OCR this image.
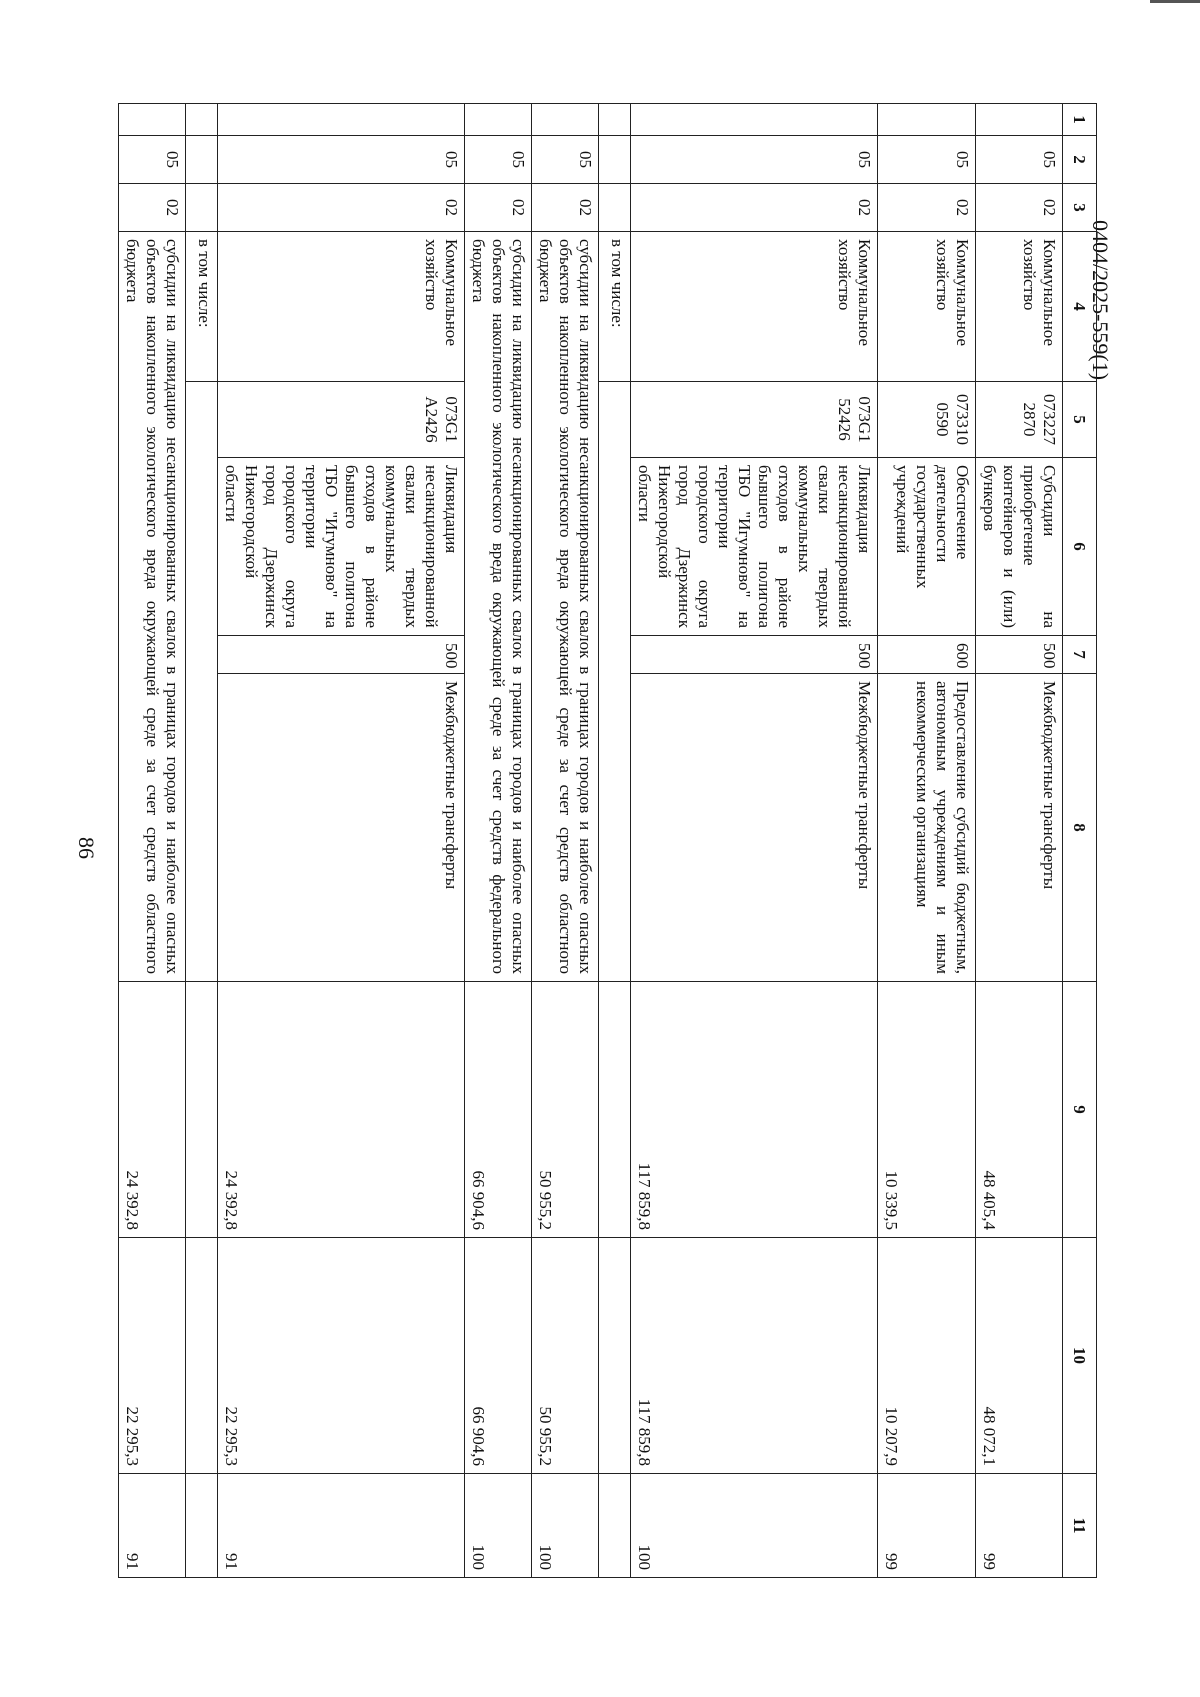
86
0404/2025-559(1)
1	2	3	4	5	6	7	8	9	10	11
	05	02	Коммунальное хозяйство	073227 2870	Субсидии на приобретение контейнеров и (или) бункеров	500	Межбюджетные трансферты	48 405,4	48 072,1	99
	05	02	Коммунальное хозяйство	073310 0590	Обеспечение деятельности государственных учреждений	600	Предоставление субсидий бюджетным, автономным учреждениям и иным некоммерческим организациям	10 339,5	10 207,9	99
	05	02	Коммунальное хозяйство	073G1 52426	Ликвидация несанкционированной свалки твердых коммунальных отходов в районе бывшего полигона ТБО "Игумново" на территории городского округа город Дзержинск Нижегородской области	500	Межбюджетные трансферты	117 859,8	117 859,8	100
			в том числе:							
	05	02	субсидии на ликвидацию несанкционированных свалок в границах городов и наиболее опасных объектов накопленного экологического вреда окружающей среде за счет средств областного бюджета					50 955,2	50 955,2	100
	05	02	субсидии на ликвидацию несанкционированных свалок в границах городов и наиболее опасных объектов накопленного экологического вреда окружающей среде за счет средств федерального бюджета					66 904,6	66 904,6	100
	05	02	Коммунальное хозяйство	073G1 A2426	Ликвидация несанкционированной свалки твердых коммунальных отходов в районе бывшего полигона ТБО "Игумново" на территории городского округа город Дзержинск Нижегородской области	500	Межбюджетные трансферты	24 392,8	22 295,3	91
			в том числе:							
	05	02	субсидии на ликвидацию несанкционированных свалок в границах городов и наиболее опасных объектов накопленного экологического вреда окружающей среде за счет средств областного бюджета					24 392,8	22 295,3	91
